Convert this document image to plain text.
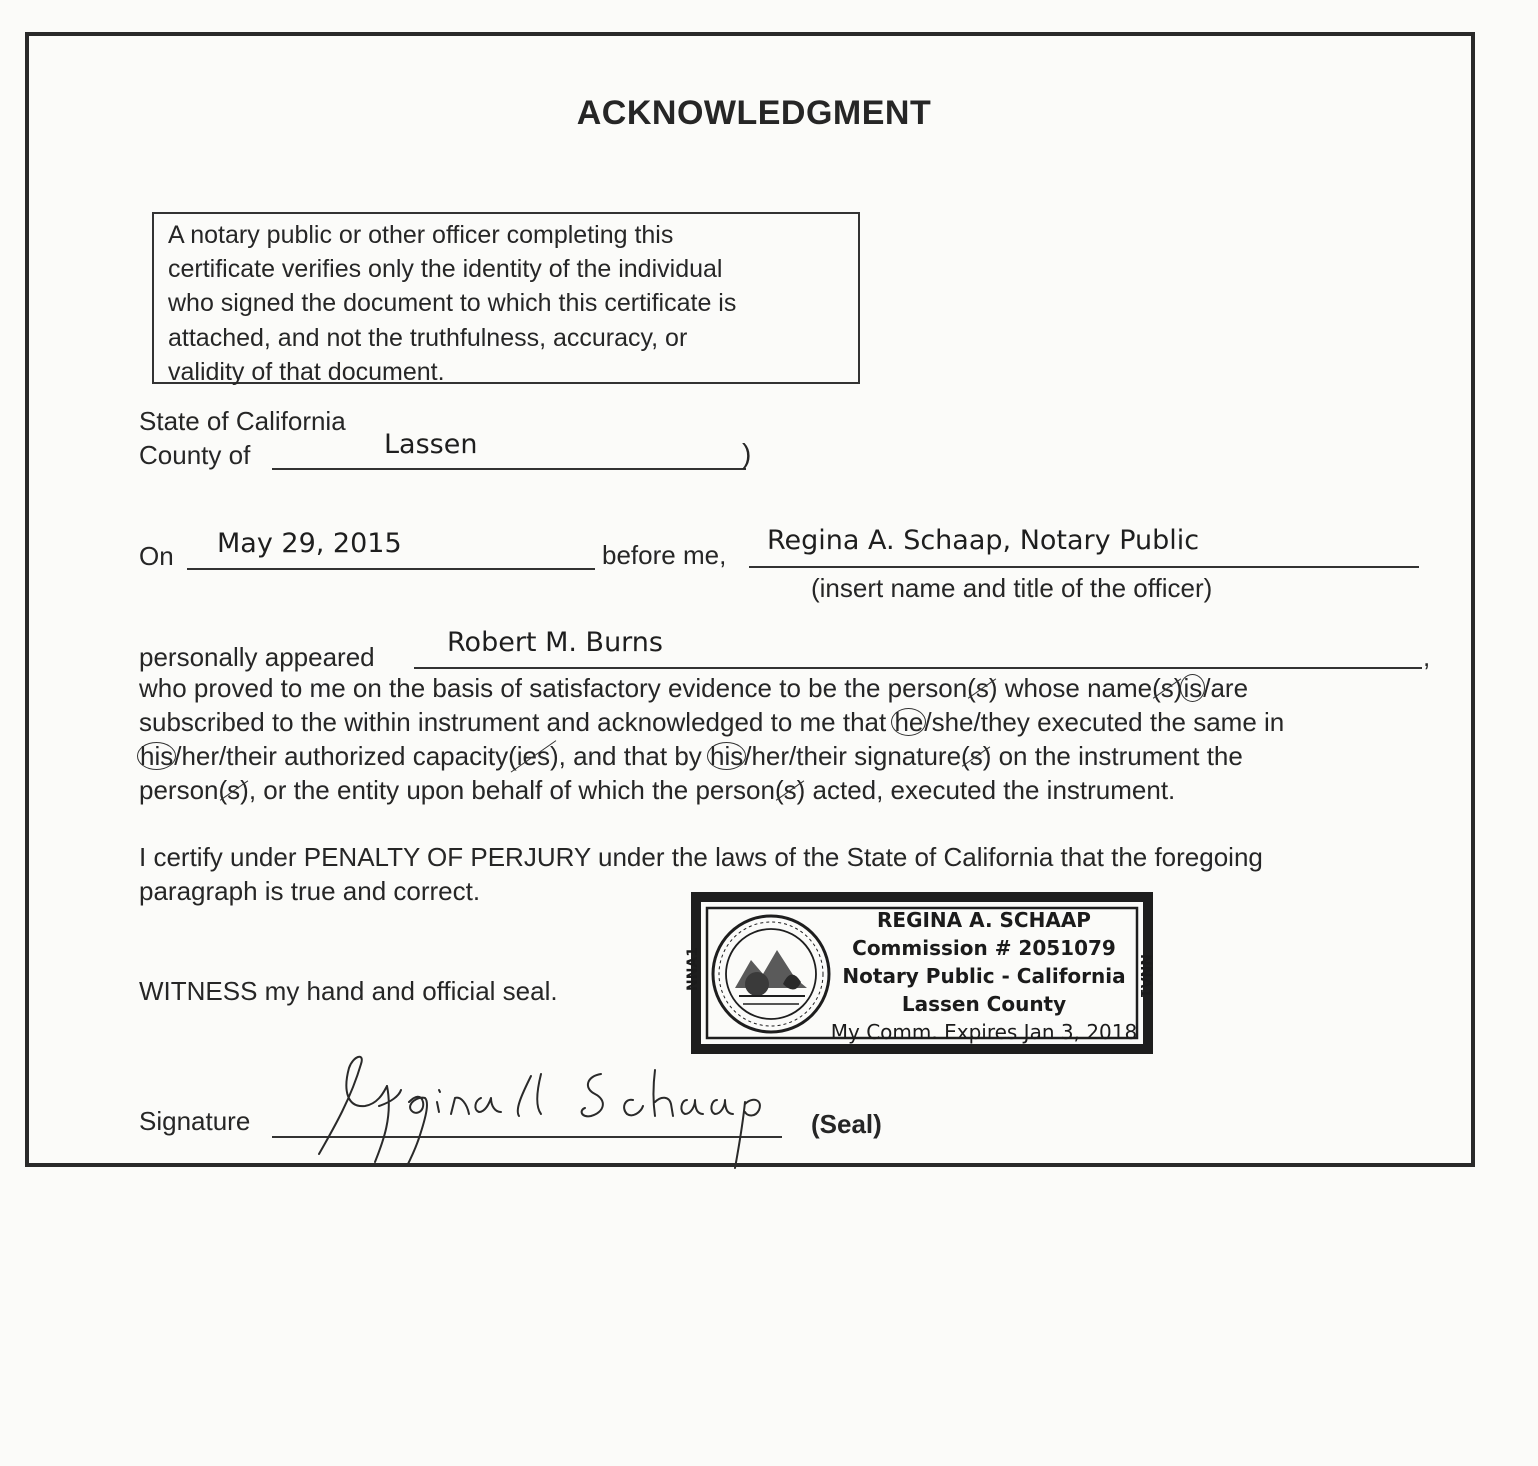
ACKNOWLEDGMENT
A notary public or other officer completing this
certificate verifies only the identity of the individual
who signed the document to which this certificate is
attached, and not the truthfulness, accuracy, or
validity of that document.
State of California
County of	Lassen	)
On May 29, 2015	before me, Regina A. Schaap, Notary Public
(insert name and title of the officer)
personally appeared	Robert M. Burns	,
who proved to me on the basis of satisfactory evidence to be the person(s) whose name(s)is/are
subscribed to the within instrument and acknowledged to me that he/she/they executed the same in
his/her/their authorized capacity(ies), and that by his/her/their signature(s) on the instrument the
person(s), or the entity upon behalf of which the person(s) acted, executed the instrument.
I certify under PENALTY OF PERJURY under the laws of the State of California that the foregoing
paragraph is true and correct.
WITNESS my hand and official seal.
REGINA A. SCHAAP
Commission # 2051079
Notary Public - California
Lassen County
My Comm. Expires Jan 3, 2018
NNA1	NNA1
Signature	(Seal)
